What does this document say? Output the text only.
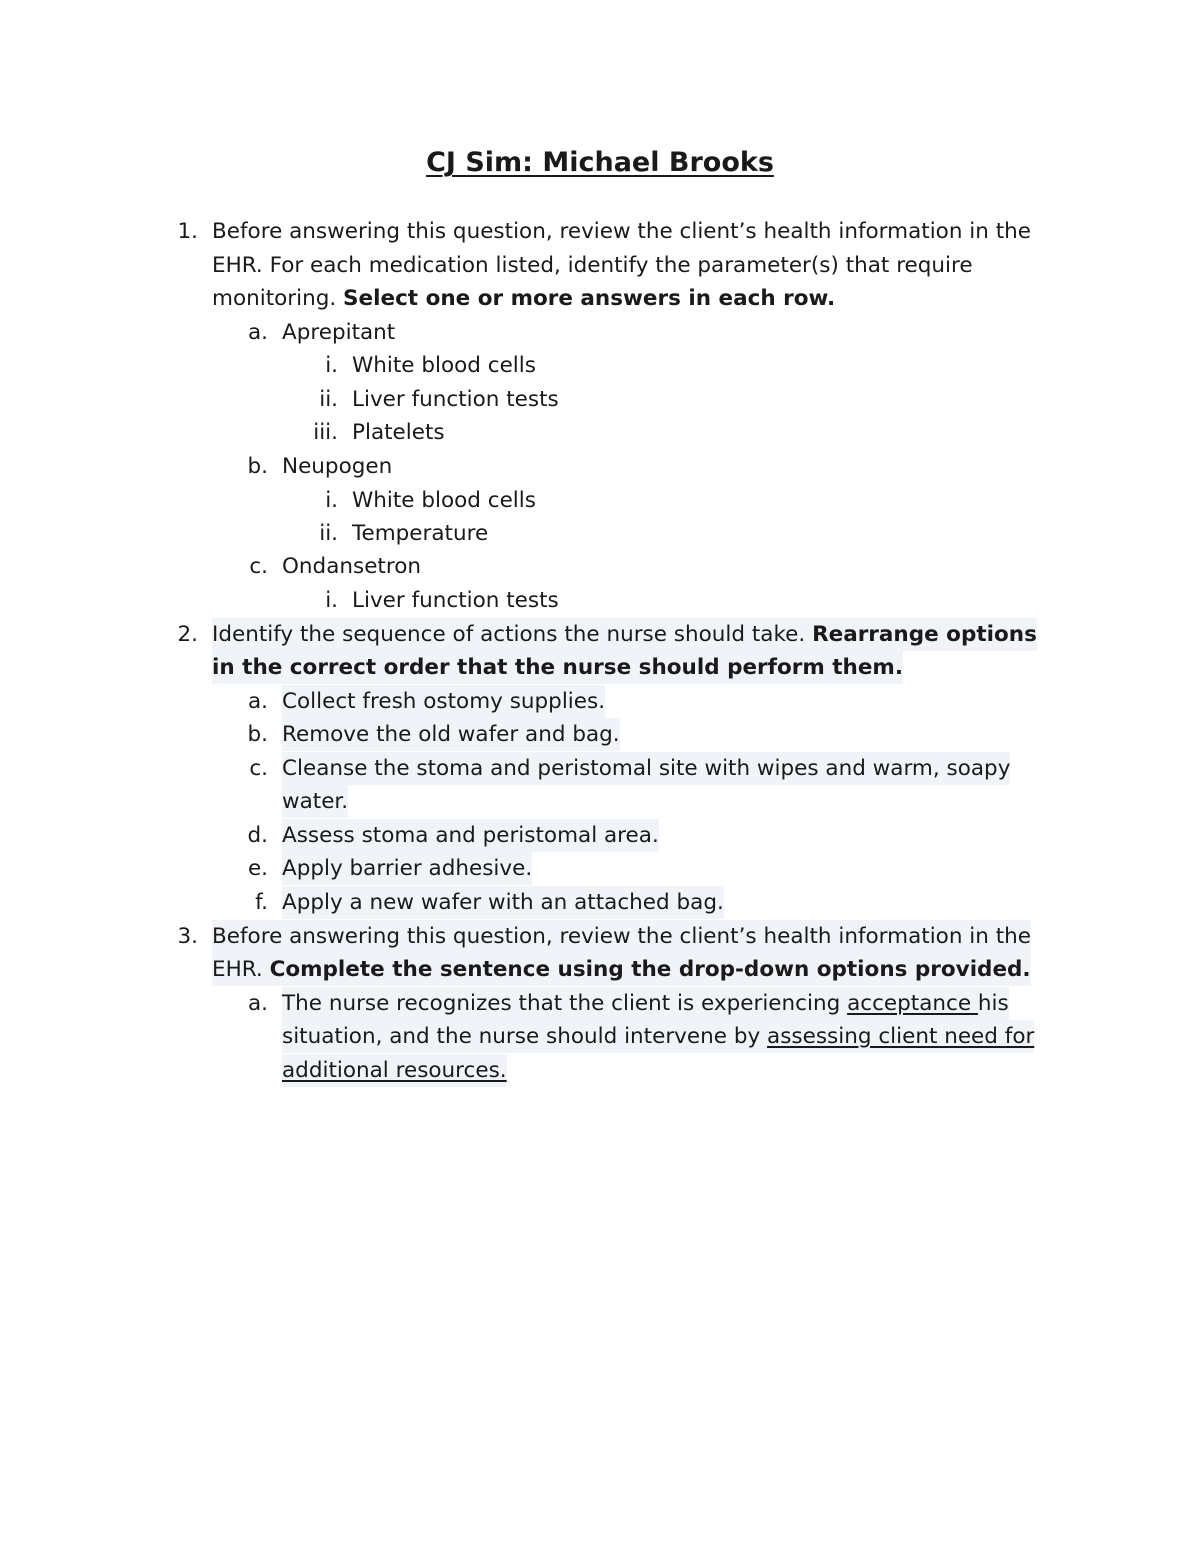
CJ Sim: Michael Brooks
1. Before answering this question, review the client’s health information in the
EHR. For each medication listed, identify the parameter(s) that require
monitoring. Select one or more answers in each row.
a. Aprepitant
i. White blood cells
ii. Liver function tests
iii. Platelets
b. Neupogen
i. White blood cells
ii. Temperature
c. Ondansetron
i. Liver function tests
2. Identify the sequence of actions the nurse should take. Rearrange options
in the correct order that the nurse should perform them.
a. Collect fresh ostomy supplies.
b. Remove the old wafer and bag.
c. Cleanse the stoma and peristomal site with wipes and warm, soapy
water.
d. Assess stoma and peristomal area.
e. Apply barrier adhesive.
f. Apply a new wafer with an attached bag.
3. Before answering this question, review the client’s health information in the
EHR. Complete the sentence using the drop-down options provided.
a. The nurse recognizes that the client is experiencing acceptance his
situation, and the nurse should intervene by assessing client need for
additional resources.
